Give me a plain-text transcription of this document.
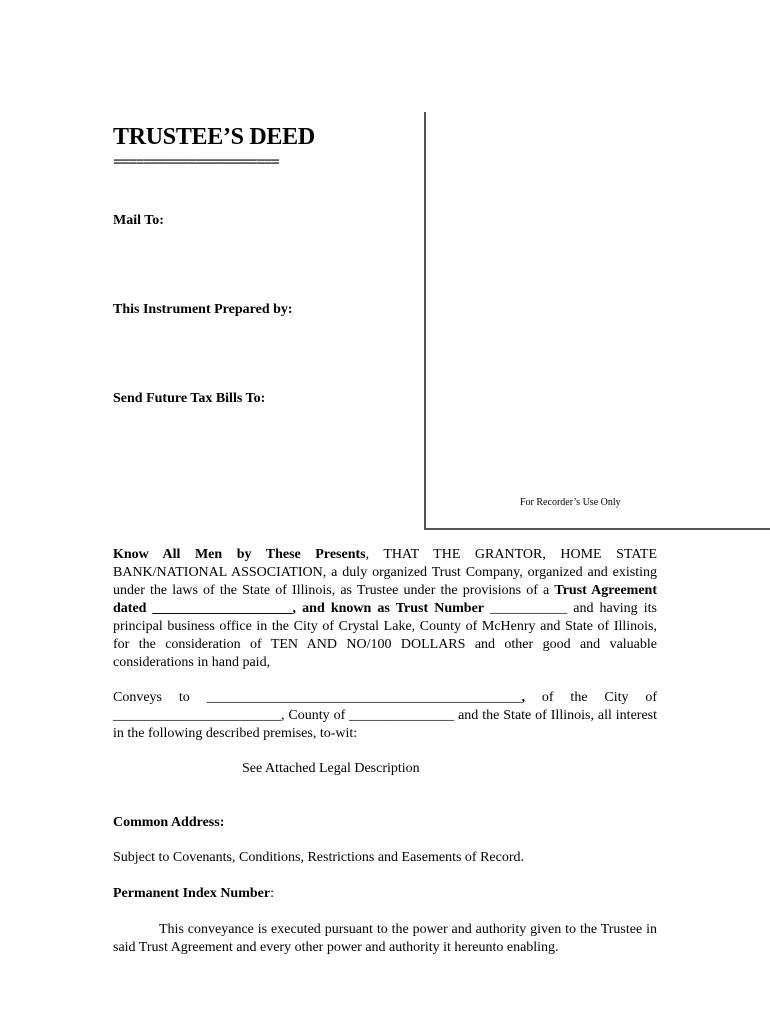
TRUSTEE’S DEED
======================
Mail To:
This Instrument Prepared by:
Send Future Tax Bills To:
For Recorder’s Use Only
Know All Men by These Presents, THAT THE GRANTOR, HOME STATE BANK/NATIONAL ASSOCIATION, a duly organized Trust Company, organized and existing under the laws of the State of Illinois, as Trustee under the provisions of a Trust Agreement dated ____________________, and known as Trust Number ___________ and having its principal business office in the City of Crystal Lake, County of McHenry and State of Illinois, for the consideration of TEN AND NO/100 DOLLARS and other good and valuable considerations in hand paid,
Conveys to _____________________________________________, of the City of ________________________, County of _______________ and the State of Illinois, all interest in the following described premises, to-wit:
See Attached Legal Description
Common Address:
Subject to Covenants, Conditions, Restrictions and Easements of Record.
Permanent Index Number:
This conveyance is executed pursuant to the power and authority given to the Trustee in said Trust Agreement and every other power and authority it hereunto enabling.
